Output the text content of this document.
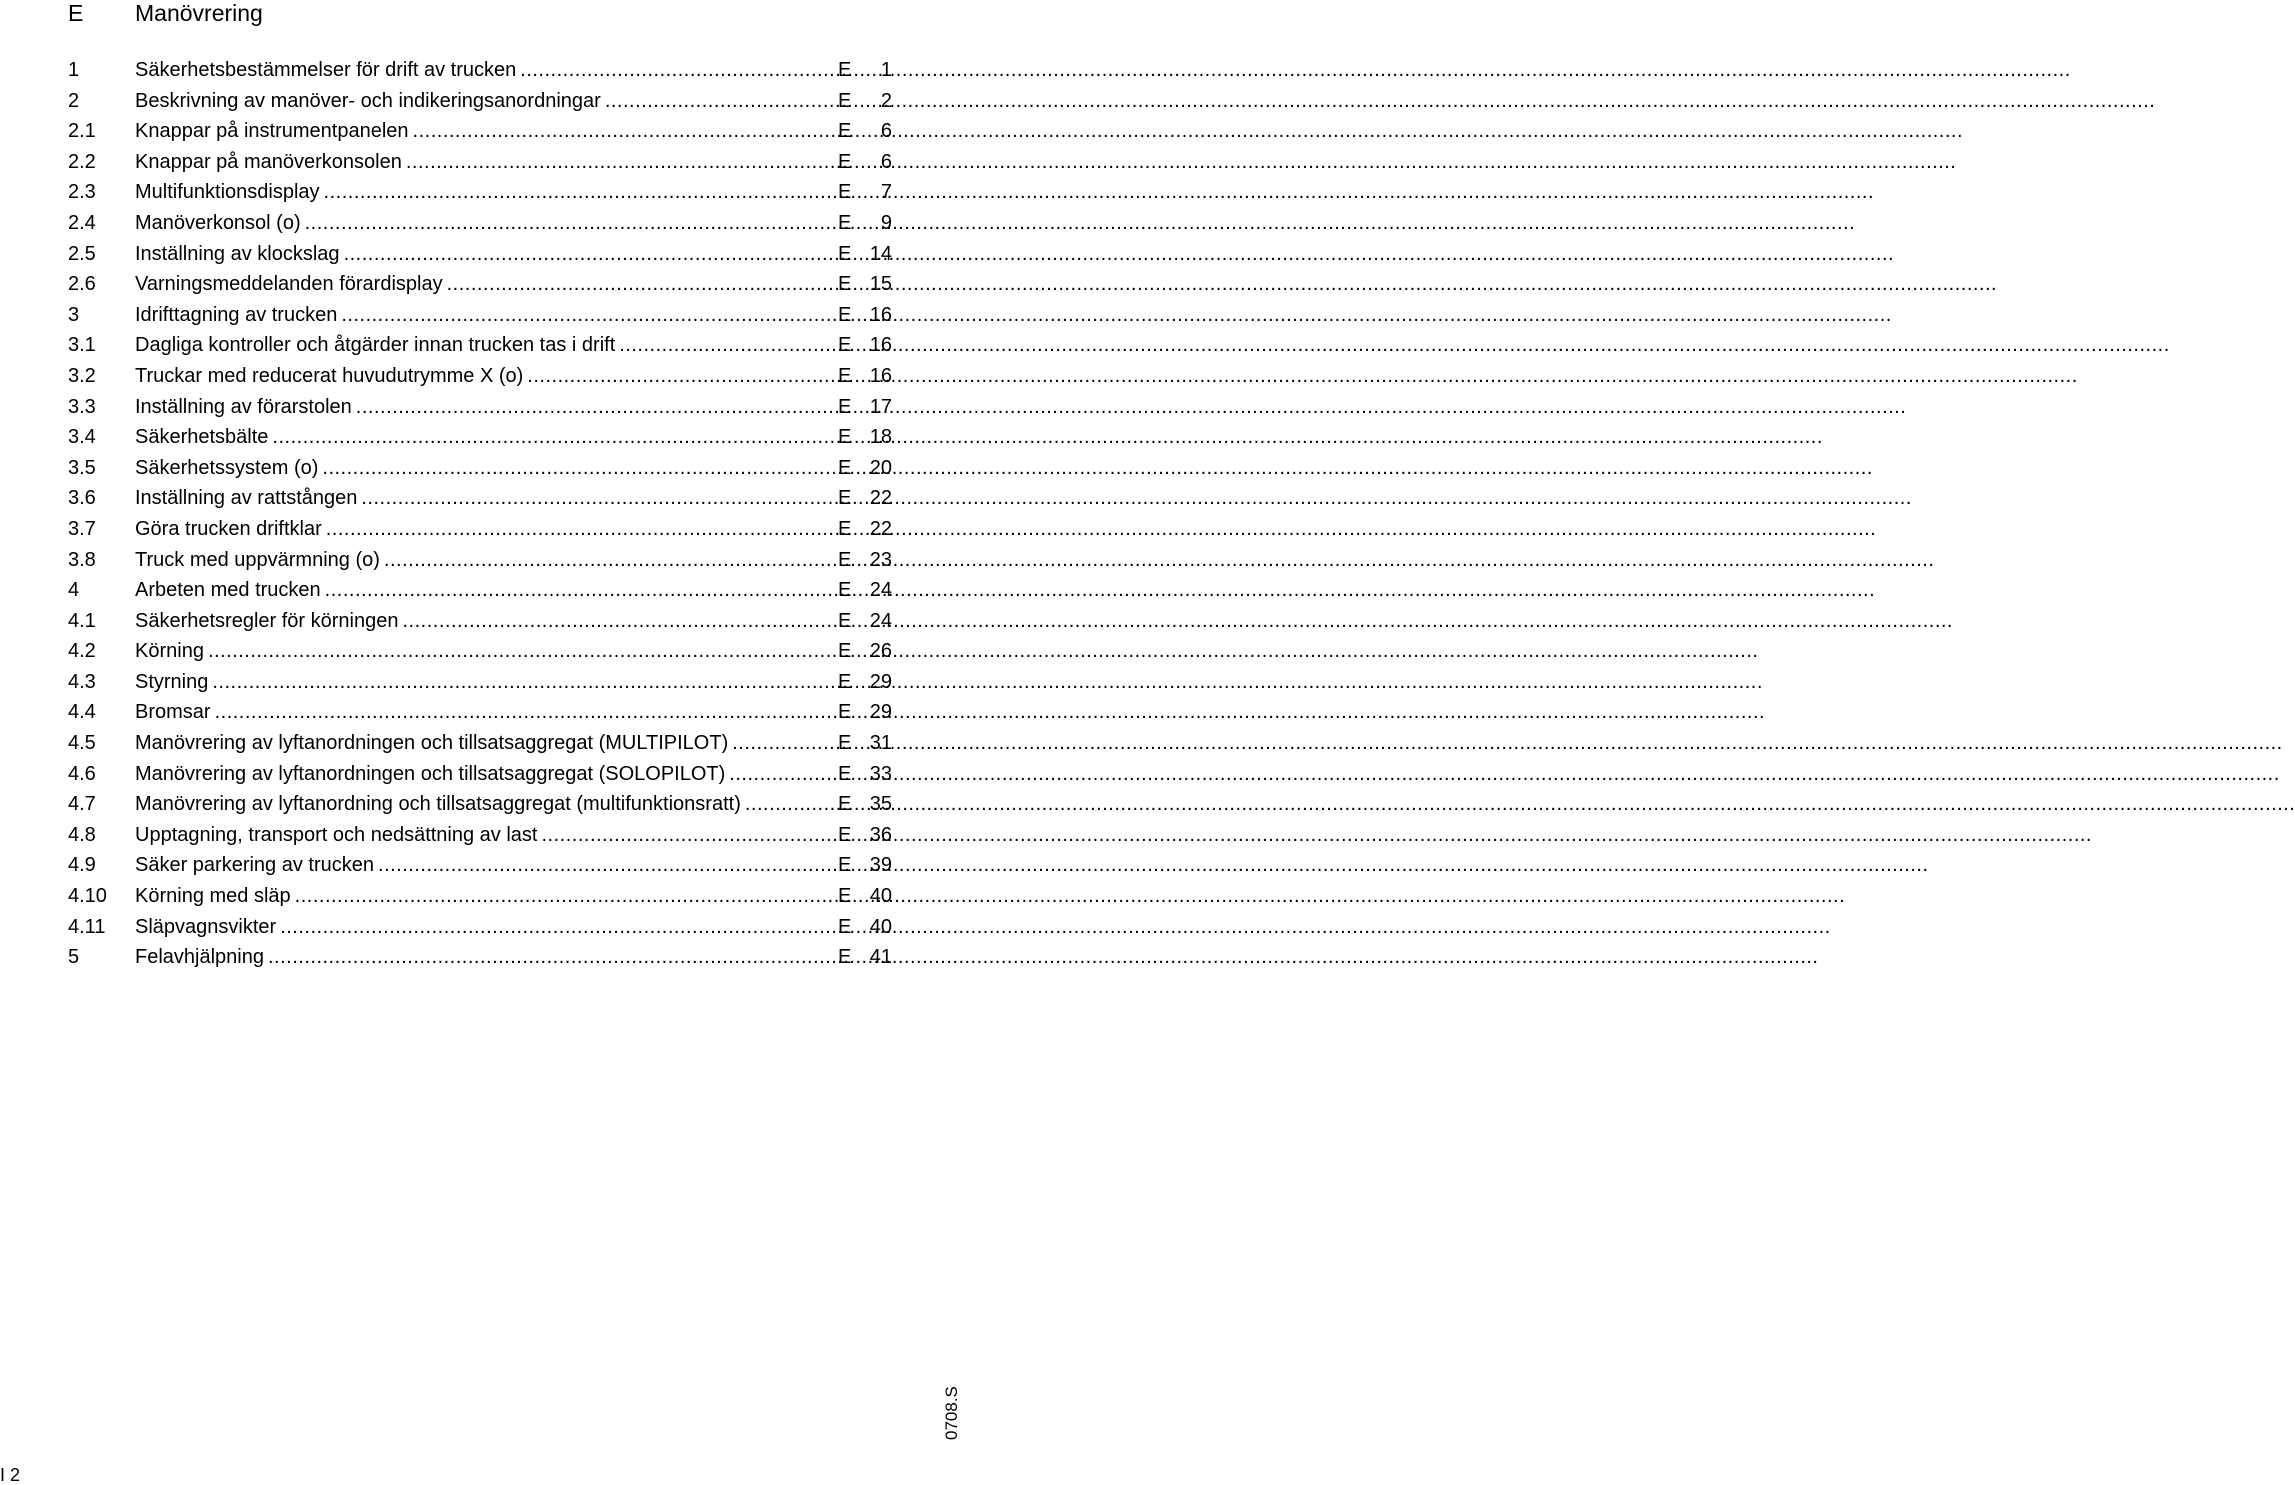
E Manövrering
1	Säkerhetsbestämmelser för drift av trucken .....	E	1
2	Beskrivning av manöver- och indikeringsanordningar .....	E	2
2.1	Knappar på instrumentpanelen .....	E	6
2.2	Knappar på manöverkonsolen .....	E	6
2.3	Multifunktionsdisplay .....	E	7
2.4	Manöverkonsol (o) .....	E	9
2.5	Inställning av klockslag .....	E 14
2.6	Varningsmeddelanden förardisplay .....	E 15
3	Idrifttagning av trucken .....	E 16
3.1	Dagliga kontroller och åtgärder innan trucken tas i drift .....	E 16
3.2	Truckar med reducerat huvudutrymme X (o) .....	E 16
3.3	Inställning av förarstolen .....	E 17
3.4	Säkerhetsbälte .....	E 18
3.5	Säkerhetssystem (o) .....	E 20
3.6	Inställning av rattstången .....	E 22
3.7	Göra trucken driftklar .....	E 22
3.8	Truck med uppvärmning (o) .....	E 23
4	Arbeten med trucken .....	E 24
4.1	Säkerhetsregler för körningen .....	E 24
4.2	Körning .....	E 26
4.3	Styrning .....	E 29
4.4	Bromsar .....	E 29
4.5	Manövrering av lyftanordningen och tillsatsaggregat (MULTIPILOT) .....	E 31
4.6	Manövrering av lyftanordningen och tillsatsaggregat (SOLOPILOT) .....	E 33
4.7	Manövrering av lyftanordning och tillsatsaggregat (multifunktionsratt) .....	E 35
4.8	Upptagning, transport och nedsättning av last .....	E 36
4.9	Säker parkering av trucken .....	E 39
4.10	Körning med släp .....	E 40
4.11	Släpvagnsvikter .....	E 40
5	Felavhjälpning .....	E 41
0708.S
I 2
